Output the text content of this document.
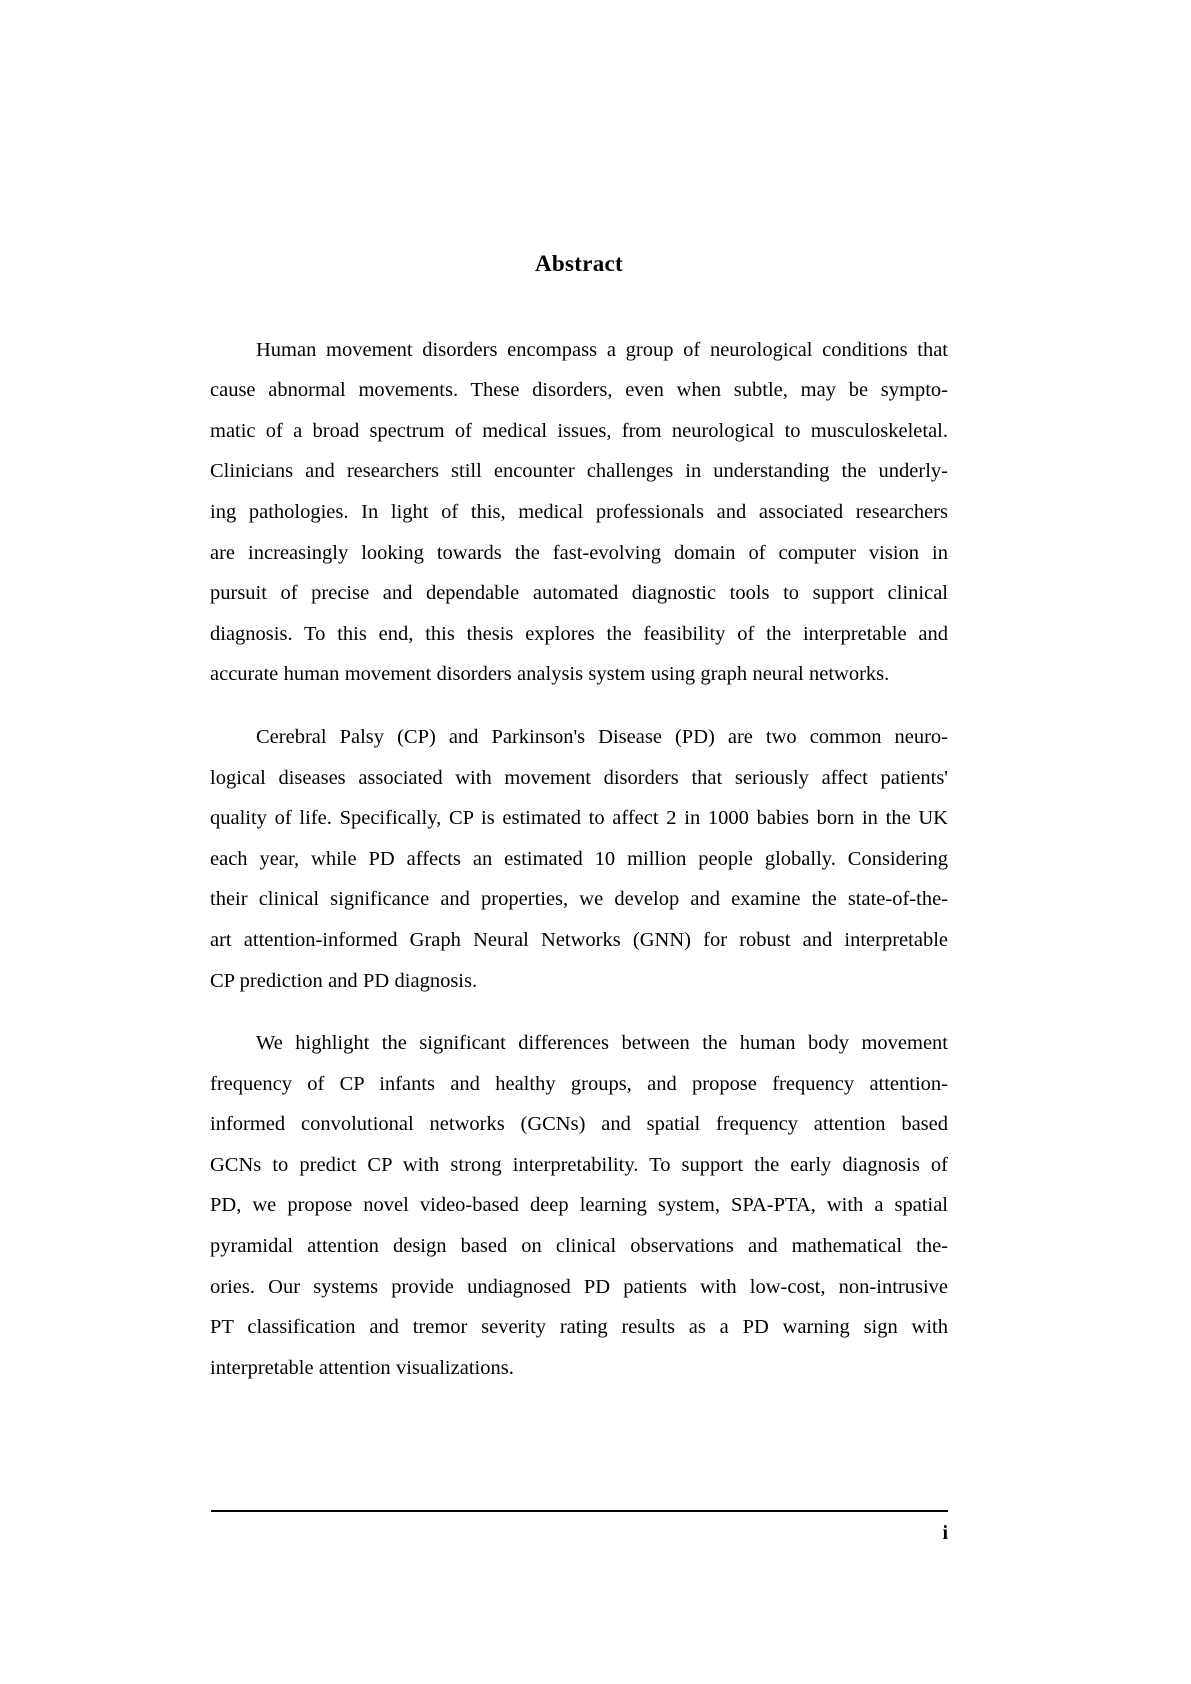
Abstract

Human movement disorders encompass a group of neurological conditions that
cause abnormal movements. These disorders, even when subtle, may be sympto-
matic of a broad spectrum of medical issues, from neurological to musculoskeletal.
Clinicians and researchers still encounter challenges in understanding the underly-
ing pathologies. In light of this, medical professionals and associated researchers
are increasingly looking towards the fast-evolving domain of computer vision in
pursuit of precise and dependable automated diagnostic tools to support clinical
diagnosis. To this end, this thesis explores the feasibility of the interpretable and
accurate human movement disorders analysis system using graph neural networks.

Cerebral Palsy (CP) and Parkinson's Disease (PD) are two common neuro-
logical diseases associated with movement disorders that seriously affect patients'
quality of life. Specifically, CP is estimated to affect 2 in 1000 babies born in the UK
each year, while PD affects an estimated 10 million people globally. Considering
their clinical significance and properties, we develop and examine the state-of-the-
art attention-informed Graph Neural Networks (GNN) for robust and interpretable
CP prediction and PD diagnosis.

We highlight the significant differences between the human body movement
frequency of CP infants and healthy groups, and propose frequency attention-
informed convolutional networks (GCNs) and spatial frequency attention based
GCNs to predict CP with strong interpretability. To support the early diagnosis of
PD, we propose novel video-based deep learning system, SPA-PTA, with a spatial
pyramidal attention design based on clinical observations and mathematical the-
ories. Our systems provide undiagnosed PD patients with low-cost, non-intrusive
PT classification and tremor severity rating results as a PD warning sign with
interpretable attention visualizations.

i
